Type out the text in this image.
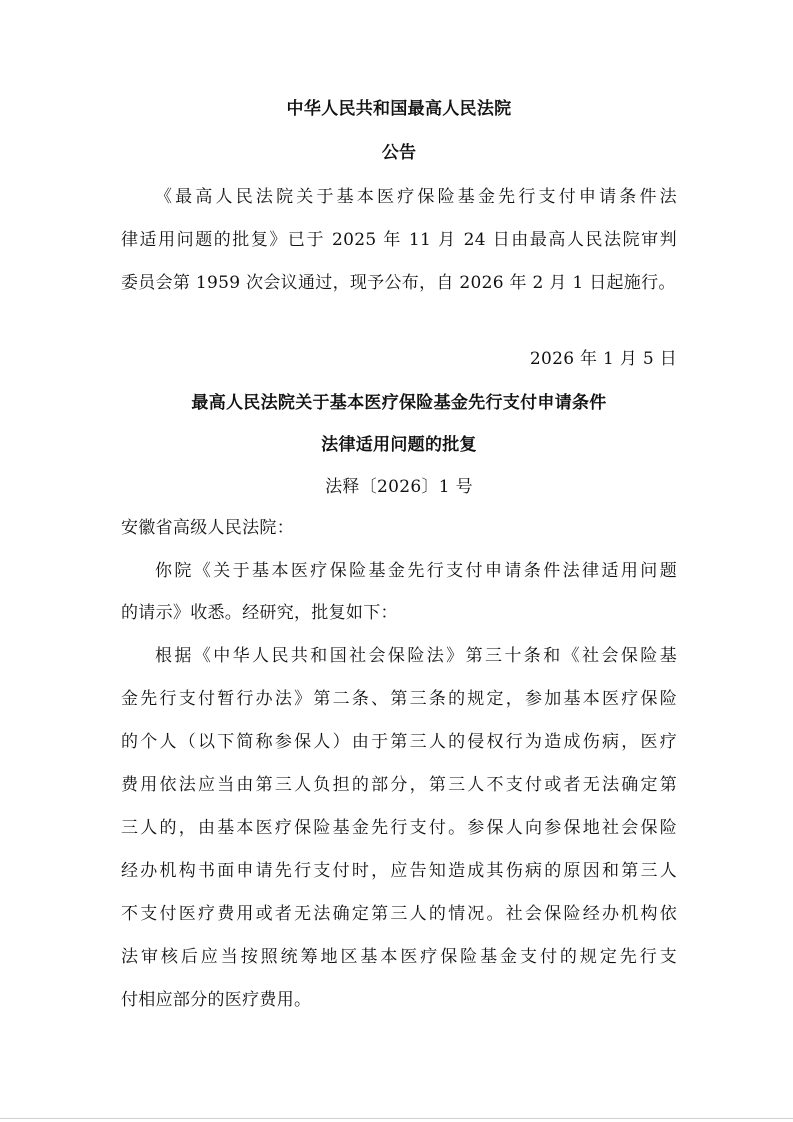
中华人民共和国最高人民法院

公告

《最高人民法院关于基本医疗保险基金先行支付申请条件法

律适用问题的批复》已于 2025 年 11 月 24 日由最高人民法院审判

委员会第 1959 次会议通过，现予公布，自 2026 年 2 月 1 日起施行。

2026 年 1 月 5 日

最高人民法院关于基本医疗保险基金先行支付申请条件

法律适用问题的批复

法释〔2026〕1 号

安徽省高级人民法院：

你院《关于基本医疗保险基金先行支付申请条件法律适用问题

的请示》收悉。经研究，批复如下：

根据《中华人民共和国社会保险法》第三十条和《社会保险基

金先行支付暂行办法》第二条、第三条的规定，参加基本医疗保险

的个人（以下简称参保人）由于第三人的侵权行为造成伤病，医疗

费用依法应当由第三人负担的部分，第三人不支付或者无法确定第

三人的，由基本医疗保险基金先行支付。参保人向参保地社会保险

经办机构书面申请先行支付时，应告知造成其伤病的原因和第三人

不支付医疗费用或者无法确定第三人的情况。社会保险经办机构依

法审核后应当按照统筹地区基本医疗保险基金支付的规定先行支

付相应部分的医疗费用。
